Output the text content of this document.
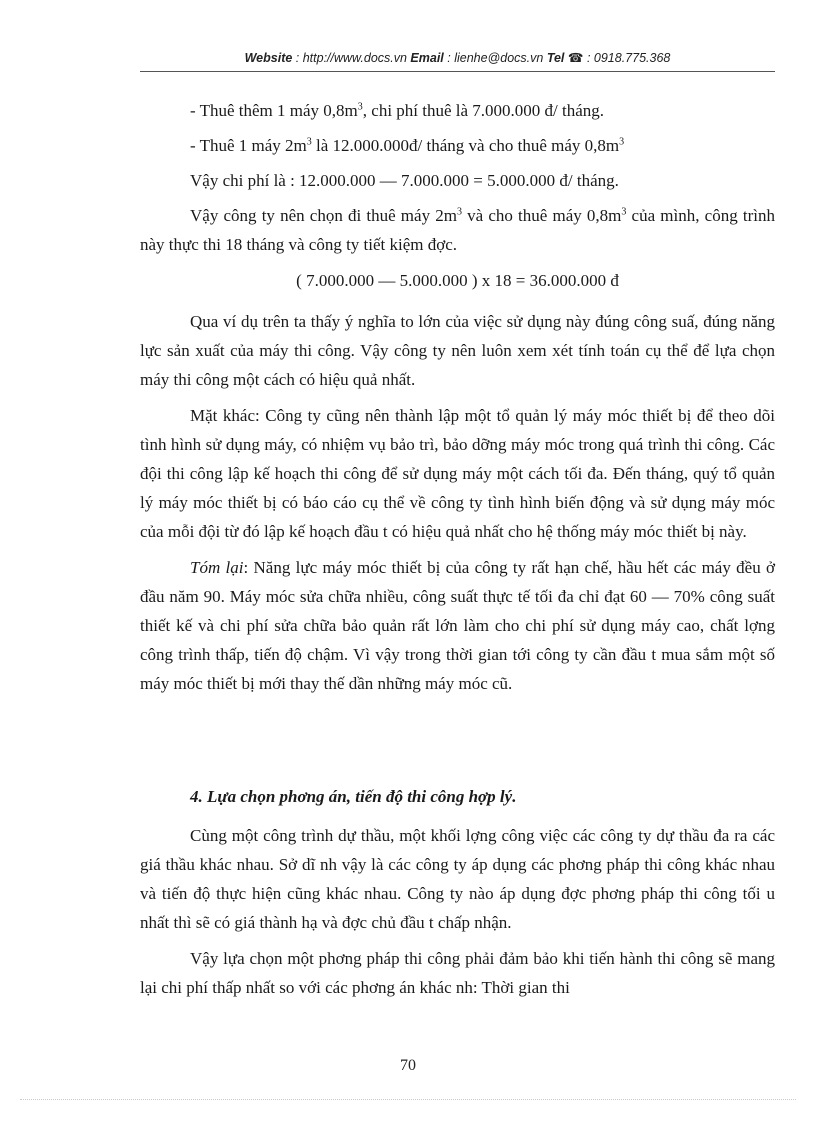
Website : http://www.docs.vn Email : lienhe@docs.vn Tel ☎ : 0918.775.368

- Thuê thêm 1 máy $0,8m^3$, chi phí thuê là 7.000.000 đ/ tháng.

- Thuê 1 máy $2m^3$ là 12.000.000đ/ tháng và cho thuê máy $0,8m^3$

Vậy chi phí là : 12.000.000 — 7.000.000 = 5.000.000 đ/ tháng.

Vậy công ty nên chọn đi thuê máy $2m^3$ và cho thuê máy $0,8m^3$ của mình, công trình này thực thi 18 tháng và công ty tiết kiệm đợc.

( 7.000.000 — 5.000.000 ) x 18 = 36.000.000 đ

Qua ví dụ trên ta thấy ý nghĩa to lớn của việc sử dụng này đúng công suấ, đúng năng lực sản xuất của máy thi công. Vậy công ty nên luôn xem xét tính toán cụ thể để lựa chọn máy thi công một cách có hiệu quả nhất.

Mặt khác: Công ty cũng nên thành lập một tổ quản lý máy móc thiết bị để theo dõi tình hình sử dụng máy, có nhiệm vụ bảo trì, bảo dỡng máy móc trong quá trình thi công. Các đội thi công lập kế hoạch thi công để sử dụng máy một cách tối đa. Đến tháng, quý tổ quản lý máy móc thiết bị có báo cáo cụ thể về công ty tình hình biến động và sử dụng máy móc của mỗi đội từ đó lập kế hoạch đầu t có hiệu quả nhất cho hệ thống máy móc thiết bị này.

Tóm lại: Năng lực máy móc thiết bị của công ty rất hạn chế, hầu hết các máy đều ở đầu năm 90. Máy móc sửa chữa nhiều, công suất thực tế tối đa chỉ đạt 60 — 70% công suất thiết kế và chi phí sửa chữa bảo quản rất lớn làm cho chi phí sử dụng máy cao, chất lợng công trình thấp, tiến độ chậm. Vì vậy trong thời gian tới công ty cần đầu t mua sắm một số máy móc thiết bị mới thay thế dần những máy móc cũ.

4. Lựa chọn phơng án, tiến độ thi công hợp lý.

Cùng một công trình dự thầu, một khối lợng công việc các công ty dự thầu đa ra các giá thầu khác nhau. Sở dĩ nh vậy là các công ty áp dụng các phơng pháp thi công khác nhau và tiến độ thực hiện cũng khác nhau. Công ty nào áp dụng đợc phơng pháp thi công tối u nhất thì sẽ có giá thành hạ và đợc chủ đầu t chấp nhận.

Vậy lựa chọn một phơng pháp thi công phải đảm bảo khi tiến hành thi công sẽ mang lại chi phí thấp nhất so với các phơng án khác nh: Thời gian thi

70
